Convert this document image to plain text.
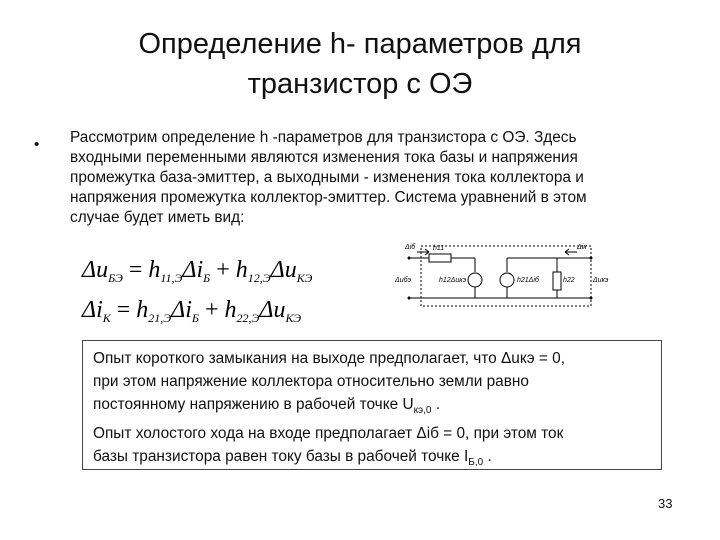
Определение h- параметров для
транзистор с ОЭ
• Рассмотрим определение h -параметров для транзистора с ОЭ. Здесь
входными переменными являются изменения тока базы и напряжения
промежутка база-эмиттер, а выходными - изменения тока коллектора и
напряжения промежутка коллектор-эмиттер. Система уравнений в этом
случае будет иметь вид:
$\Delta u_{БЭ} = h_{11,Э}\Delta i_Б + h_{12,Э}\Delta u_{КЭ}$
$\Delta i_К = h_{21,Э}\Delta i_Б + h_{22,Э}\Delta u_{КЭ}$
Δiб	h11
h12Δuкэ	h21Δiб	h22
Δiк
Δuбэ	Δuкэ
Опыт короткого замыкания на выходе предполагает, что Δuкэ = 0,
при этом напряжение коллектора относительно земли равно
постоянному напряжению в рабочей точке $U_{кэ,0}$ .
Опыт холостого хода на входе предполагает Δiб = 0, при этом ток
базы транзистора равен току базы в рабочей точке $I_{Б,0}$ .
33
